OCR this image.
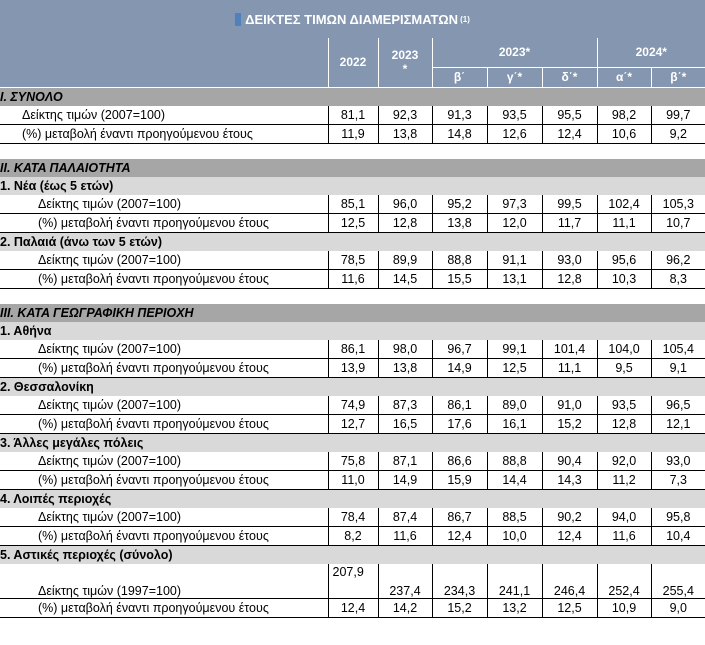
ΔΕΙΚΤΕΣ ΤΙΜΩΝ ΔΙΑΜΕΡΙΣΜΑΤΩΝ (1)
	2022	2023
*	2023*			2024*	
			β΄	γ΄*	δ΄*	α΄*	β΄*
I. ΣΥΝΟΛΟ							
Δείκτης τιμών (2007=100)	81,1	92,3	91,3	93,5	95,5	98,2	99,7
(%) μεταβολή έναντι προηγούμενου έτους	11,9	13,8	14,8	12,6	12,4	10,6	9,2

II. ΚΑΤΑ ΠΑΛΑΙΟΤΗΤΑ							
1. Νέα (έως 5 ετών)							
Δείκτης τιμών (2007=100)	85,1	96,0	95,2	97,3	99,5	102,4	105,3
(%) μεταβολή έναντι προηγούμενου έτους	12,5	12,8	13,8	12,0	11,7	11,1	10,7
2. Παλαιά (άνω των 5 ετών)							
Δείκτης τιμών (2007=100)	78,5	89,9	88,8	91,1	93,0	95,6	96,2
(%) μεταβολή έναντι προηγούμενου έτους	11,6	14,5	15,5	13,1	12,8	10,3	8,3

III. ΚΑΤΑ ΓΕΩΓΡΑΦΙΚΗ ΠΕΡΙΟΧΗ							
1. Αθήνα							
Δείκτης τιμών (2007=100)	86,1	98,0	96,7	99,1	101,4	104,0	105,4
(%) μεταβολή έναντι προηγούμενου έτους	13,9	13,8	14,9	12,5	11,1	9,5	9,1
2. Θεσσαλονίκη							
Δείκτης τιμών (2007=100)	74,9	87,3	86,1	89,0	91,0	93,5	96,5
(%) μεταβολή έναντι προηγούμενου έτους	12,7	16,5	17,6	16,1	15,2	12,8	12,1
3. Άλλες μεγάλες πόλεις							
Δείκτης τιμών (2007=100)	75,8	87,1	86,6	88,8	90,4	92,0	93,0
(%) μεταβολή έναντι προηγούμενου έτους	11,0	14,9	15,9	14,4	14,3	11,2	7,3
4. Λοιπές περιοχές							
Δείκτης τιμών (2007=100)	78,4	87,4	86,7	88,5	90,2	94,0	95,8
(%) μεταβολή έναντι προηγούμενου έτους	8,2	11,6	12,4	10,0	12,4	11,6	10,4
5. Αστικές περιοχές (σύνολο)							
Δείκτης τιμών (1997=100)	207,9	237,4	234,3	241,1	246,4	252,4	255,4
(%) μεταβολή έναντι προηγούμενου έτους	12,4	14,2	15,2	13,2	12,5	10,9	9,0
